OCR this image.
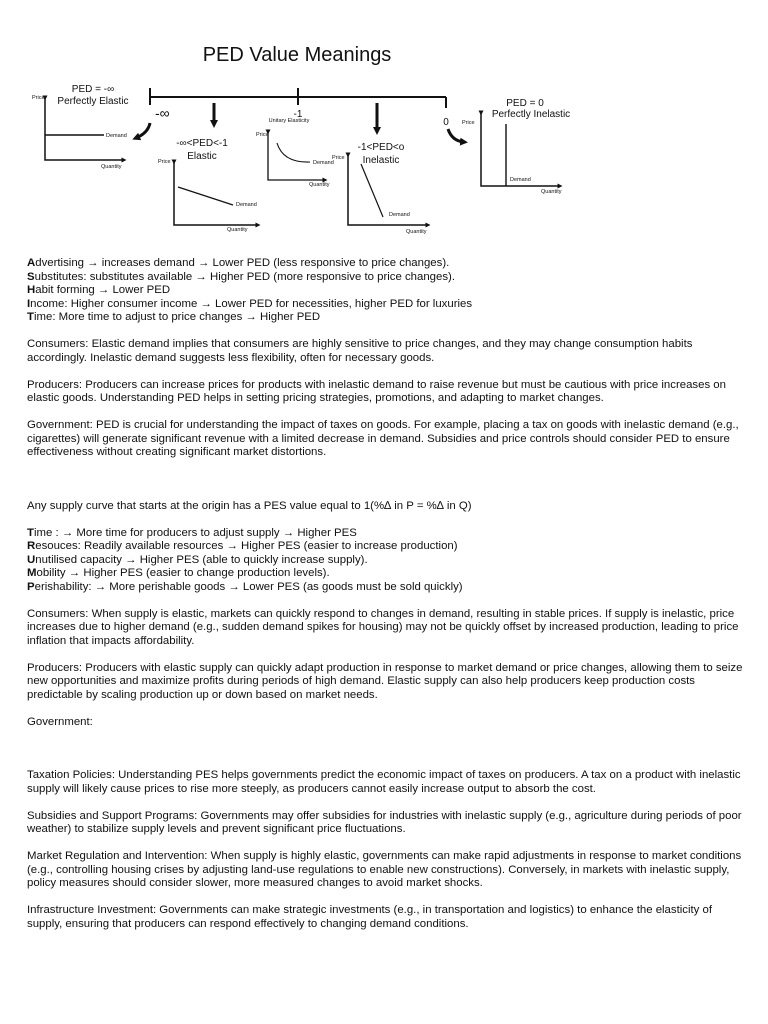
PED Value Meanings
-∞	-1
0
PED = -∞
Perfectly Elastic
Price
Demand
Quantity
-∞<PED<-1
Elastic
Price
Demand
Quantity
Unitary Elasticity
Price
Demand
Quantity
-1<PED<o
Inelastic
Price
Demand
Quantity
PED = 0
Perfectly Inelastic
Price
Demand
Quantity

Advertising → increases demand → Lower PED (less responsive to price changes).

Substitutes: substitutes available → Higher PED (more responsive to price changes).

Habit forming → Lower PED

Income: Higher consumer income → Lower PED for necessities, higher PED for luxuries

Time: More time to adjust to price changes → Higher PED

Consumers: Elastic demand implies that consumers are highly sensitive to price changes, and they may change consumption habits accordingly. Inelastic demand suggests less flexibility, often for necessary goods.

Producers: Producers can increase prices for products with inelastic demand to raise revenue but must be cautious with price increases on elastic goods. Understanding PED helps in setting pricing strategies, promotions, and adapting to market changes.

Government: PED is crucial for understanding the impact of taxes on goods. For example, placing a tax on goods with inelastic demand (e.g., cigarettes) will generate significant revenue with a limited decrease in demand. Subsidies and price controls should consider PED to ensure effectiveness without creating significant market distortions.

Any supply curve that starts at the origin has a PES value equal to 1(%∆ in P = %∆ in Q)

Time : → More time for producers to adjust supply → Higher PES

Resouces: Readily available resources → Higher PES (easier to increase production)

Unutilised capacity → Higher PES (able to quickly increase supply).

Mobility → Higher PES (easier to change production levels).

Perishability: → More perishable goods → Lower PES (as goods must be sold quickly)

Consumers: When supply is elastic, markets can quickly respond to changes in demand, resulting in stable prices. If supply is inelastic, price increases due to higher demand (e.g., sudden demand spikes for housing) may not be quickly offset by increased production, leading to price inflation that impacts affordability.

Producers: Producers with elastic supply can quickly adapt production in response to market demand or price changes, allowing them to seize new opportunities and maximize profits during periods of high demand. Elastic supply can also help producers keep production costs predictable by scaling production up or down based on market needs.

Government:

Taxation Policies: Understanding PES helps governments predict the economic impact of taxes on producers. A tax on a product with inelastic supply will likely cause prices to rise more steeply, as producers cannot easily increase output to absorb the cost.

Subsidies and Support Programs: Governments may offer subsidies for industries with inelastic supply (e.g., agriculture during periods of poor weather) to stabilize supply levels and prevent significant price fluctuations.

Market Regulation and Intervention: When supply is highly elastic, governments can make rapid adjustments in response to market conditions (e.g., controlling housing crises by adjusting land-use regulations to enable new constructions). Conversely, in markets with inelastic supply, policy measures should consider slower, more measured changes to avoid market shocks.

Infrastructure Investment: Governments can make strategic investments (e.g., in transportation and logistics) to enhance the elasticity of supply, ensuring that producers can respond effectively to changing demand conditions.
